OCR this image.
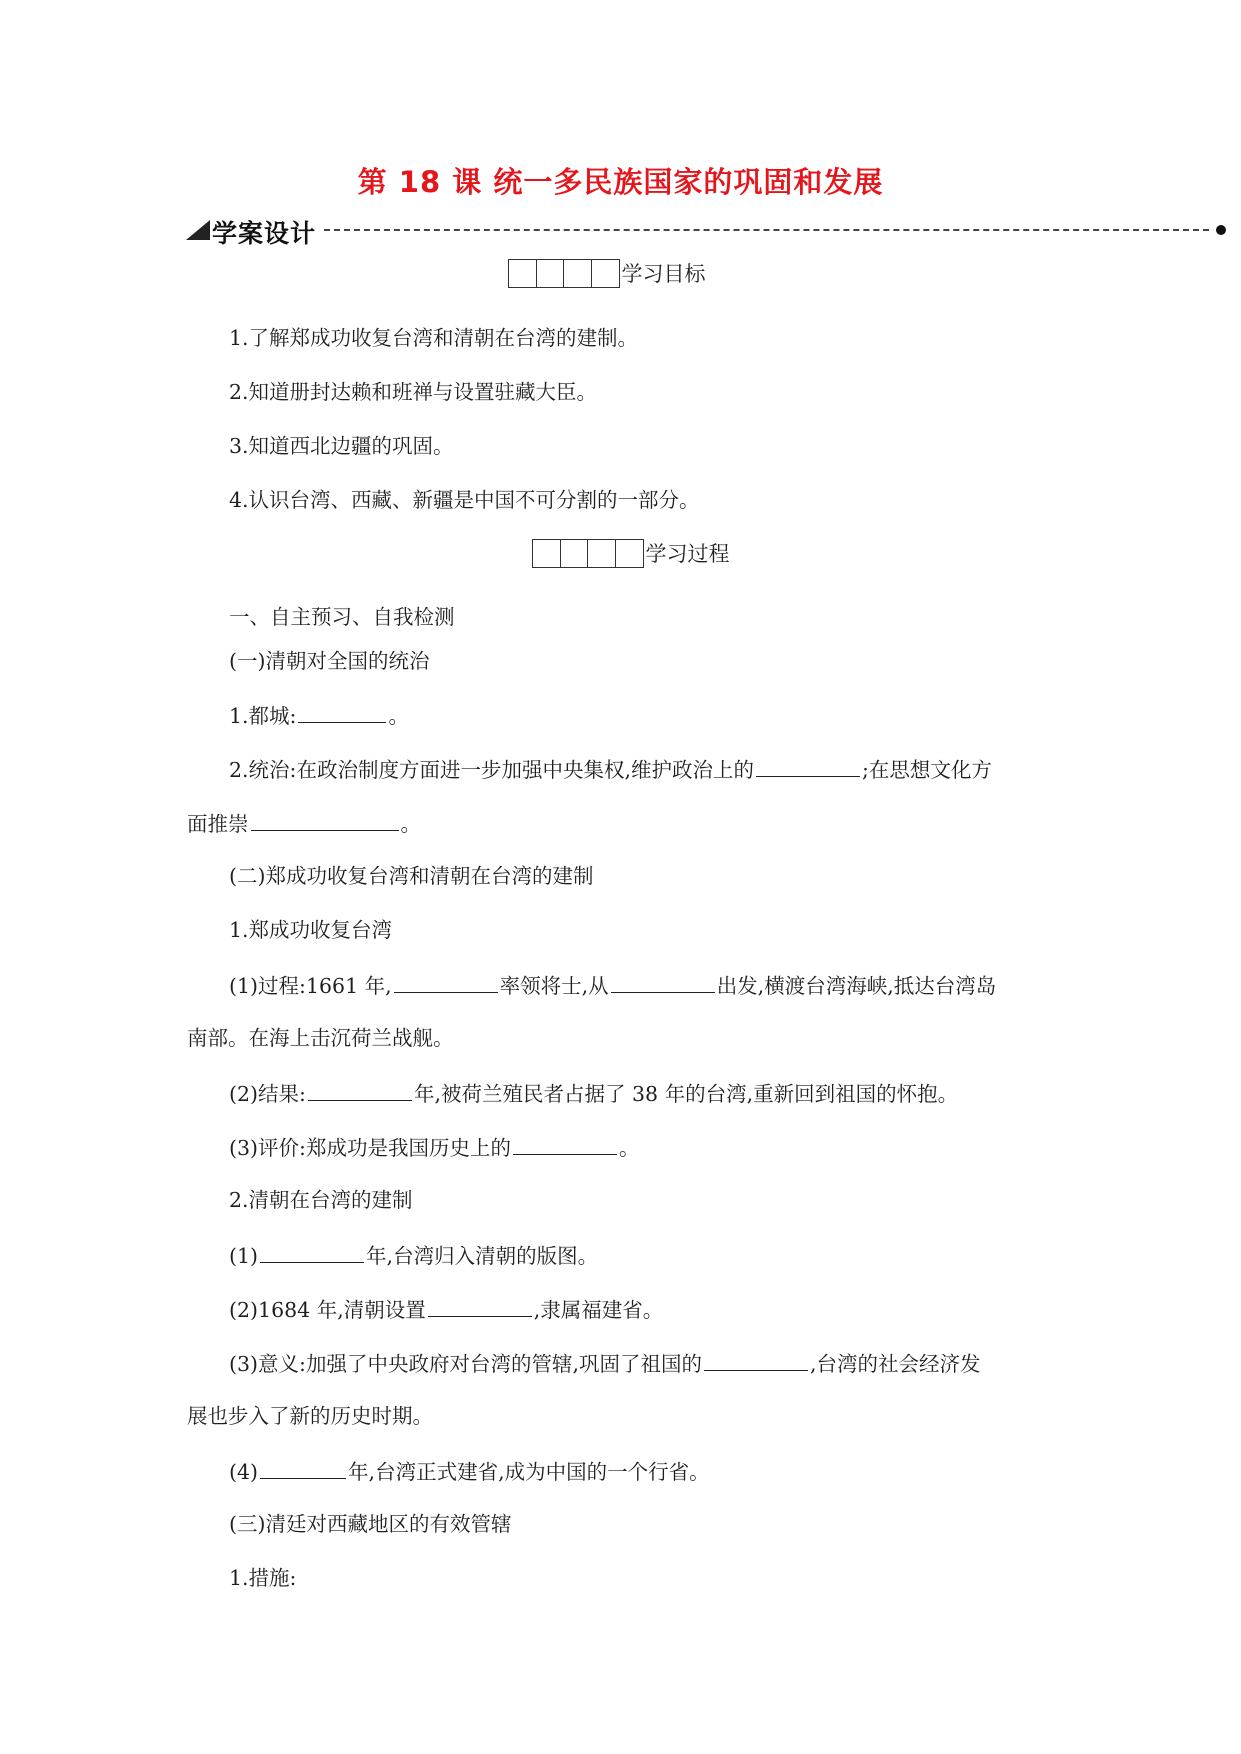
第 18 课 统一多民族国家的巩固和发展
学案设计
学习目标
1.了解郑成功收复台湾和清朝在台湾的建制。
2.知道册封达赖和班禅与设置驻藏大臣。
3.知道西北边疆的巩固。
4.认识台湾、西藏、新疆是中国不可分割的一部分。
学习过程
一、自主预习、自我检测
(一)清朝对全国的统治
1.都城:	。
2.统治:在政治制度方面进一步加强中央集权,维护政治上的	;在思想文化方
面推崇	。
(二)郑成功收复台湾和清朝在台湾的建制
1.郑成功收复台湾
(1)过程:1661 年,	率领将士,从	出发,横渡台湾海峡,抵达台湾岛
南部。在海上击沉荷兰战舰。
(2)结果:	年,被荷兰殖民者占据了 38 年的台湾,重新回到祖国的怀抱。
(3)评价:郑成功是我国历史上的	。
2.清朝在台湾的建制
(1)	年,台湾归入清朝的版图。
(2)1684 年,清朝设置	,隶属福建省。
(3)意义:加强了中央政府对台湾的管辖,巩固了祖国的	,台湾的社会经济发
展也步入了新的历史时期。
(4)	年,台湾正式建省,成为中国的一个行省。
(三)清廷对西藏地区的有效管辖
1.措施:
